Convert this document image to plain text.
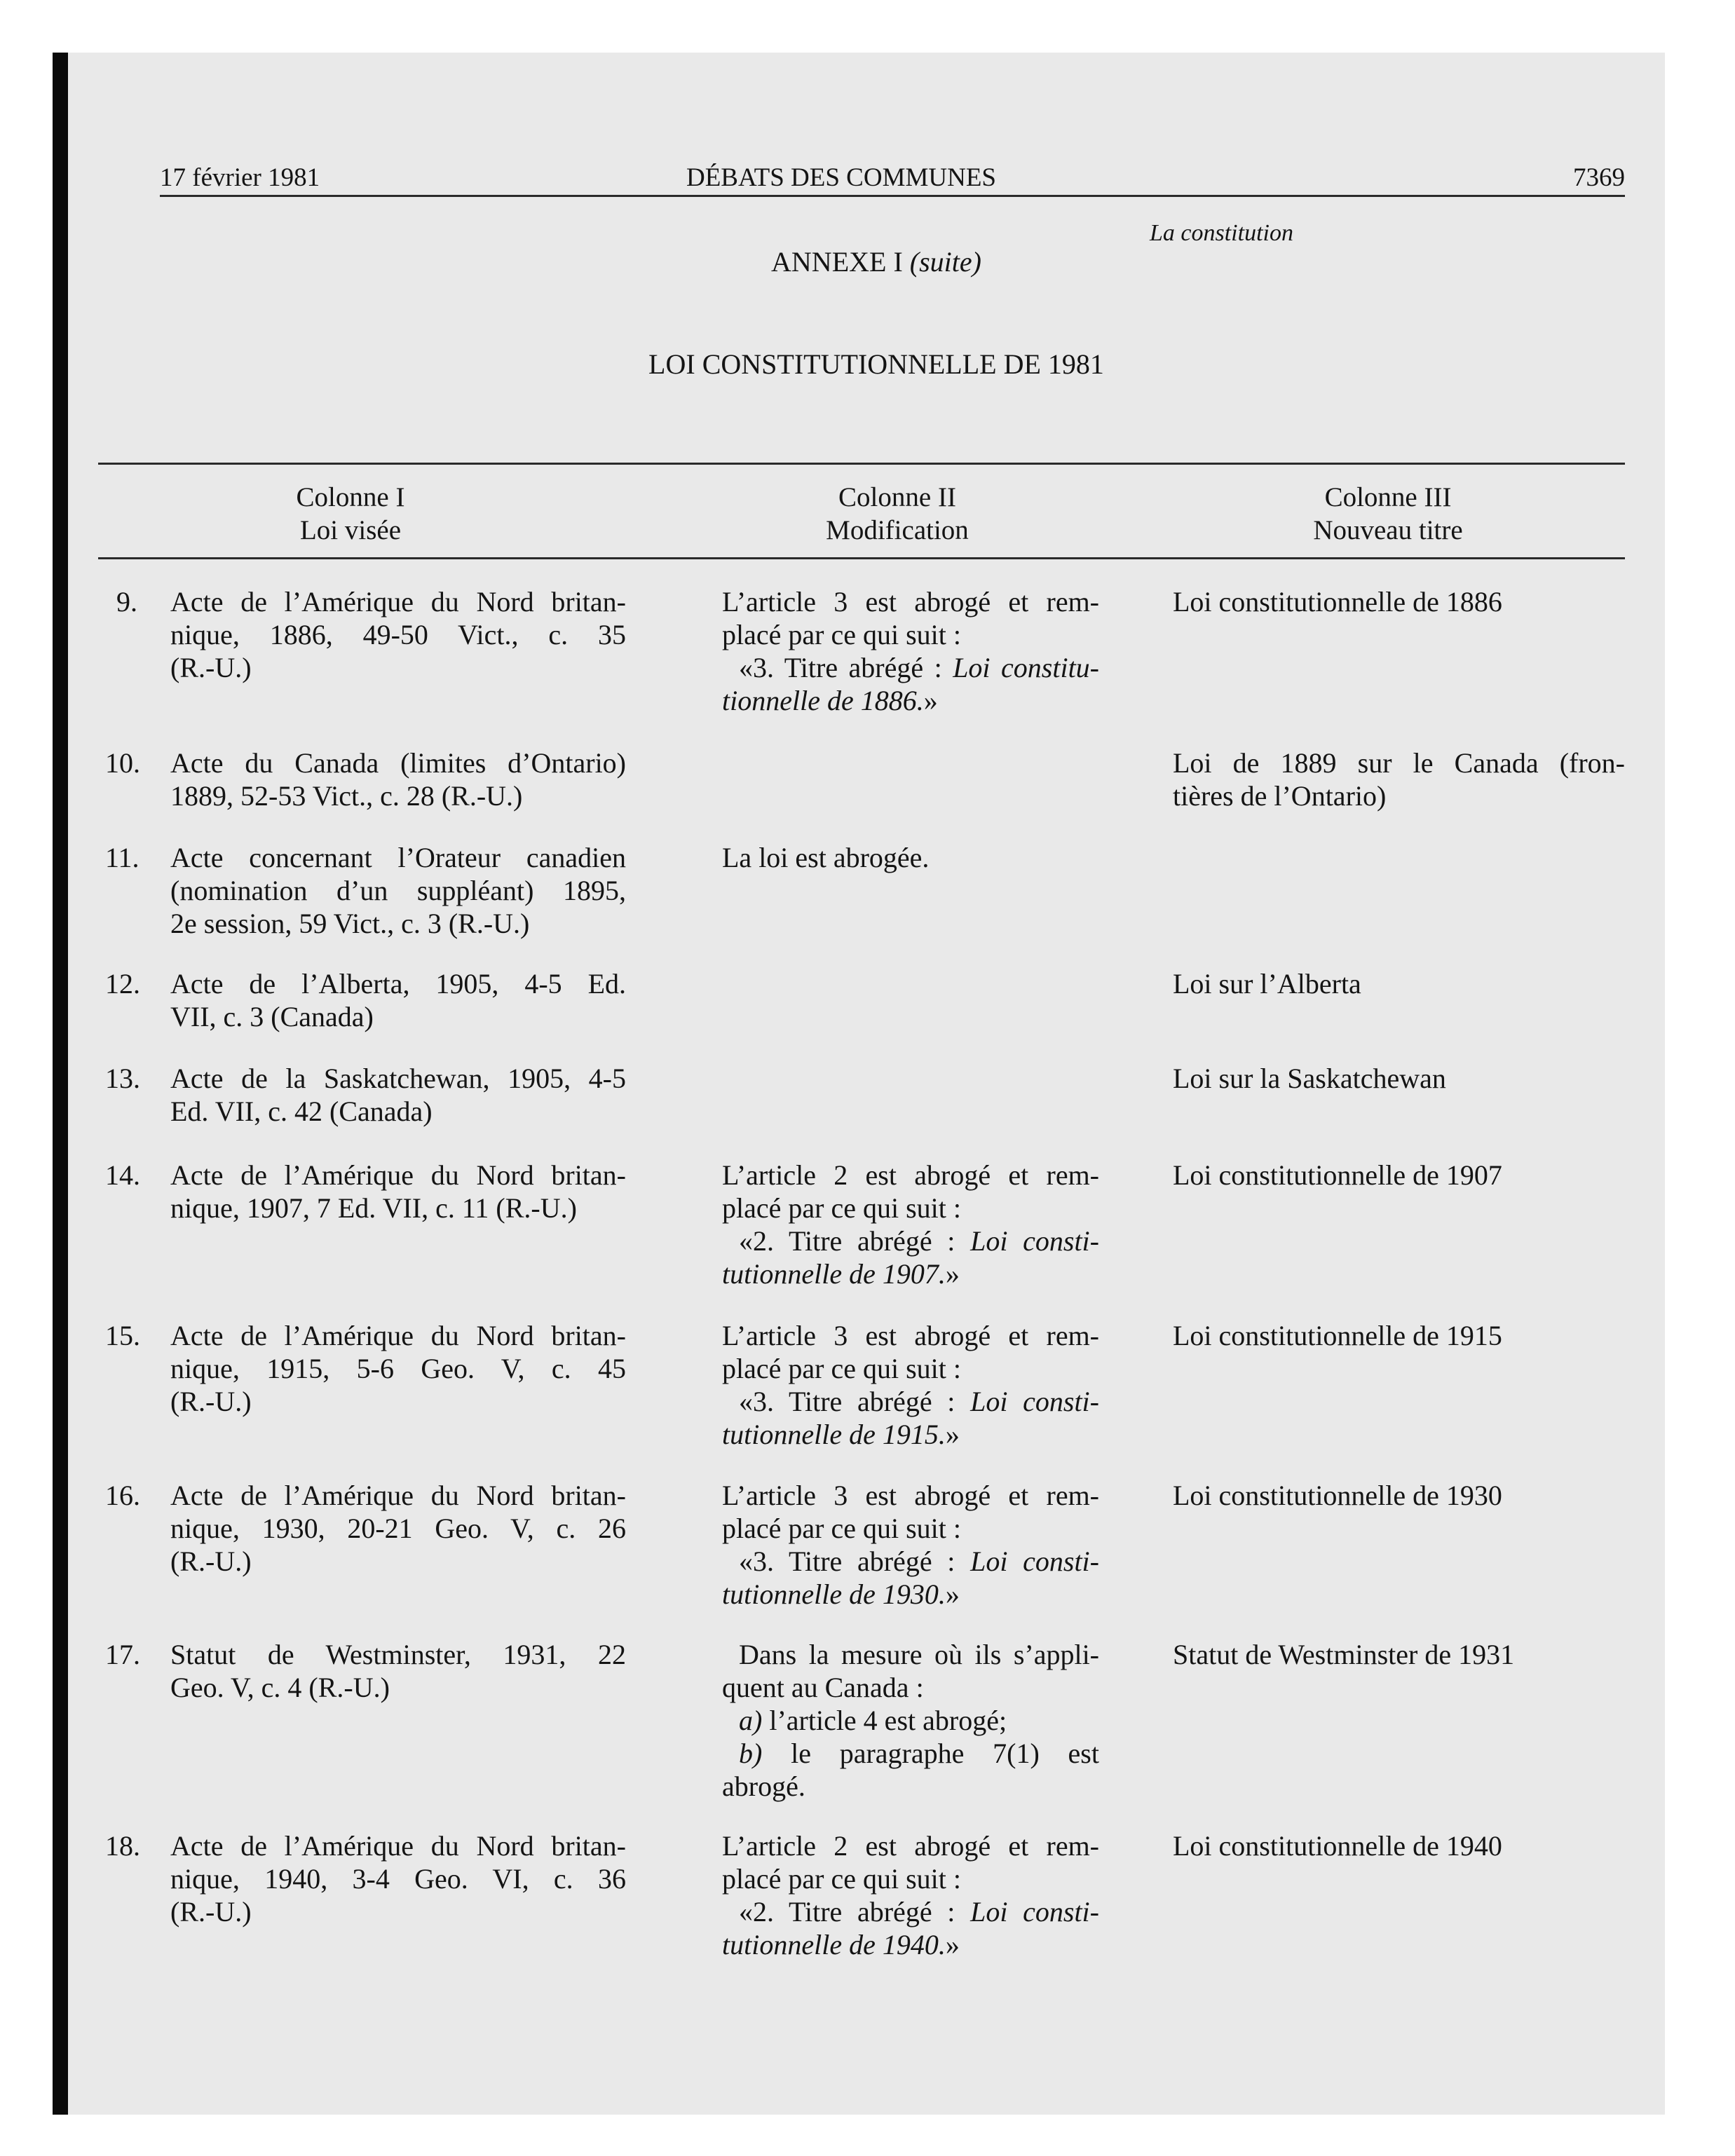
17 février 1981	DÉBATS DES COMMUNES	7369
La constitution
ANNEXE I (suite)
LOI CONSTITUTIONNELLE DE 1981
Colonne I
Loi visée
Colonne II
Modification
Colonne III
Nouveau titre
9. Acte de l’Amérique du Nord britan-
nique, 1886, 49-50 Vict., c. 35
(R.-U.)
L’article 3 est abrogé et rem-
placé par ce qui suit :
«3. Titre abrégé : Loi constitu-
tionnelle de 1886.»
Loi constitutionnelle de 1886
10. Acte du Canada (limites d’Ontario)
1889, 52-53 Vict., c. 28 (R.-U.)
Loi de 1889 sur le Canada (fron-
tières de l’Ontario)
11. Acte concernant l’Orateur canadien
(nomination d’un suppléant) 1895,
2e session, 59 Vict., c. 3 (R.-U.)
La loi est abrogée.
12. Acte de l’Alberta, 1905, 4-5 Ed.
VII, c. 3 (Canada)
Loi sur l’Alberta
13. Acte de la Saskatchewan, 1905, 4-5
Ed. VII, c. 42 (Canada)
Loi sur la Saskatchewan
14. Acte de l’Amérique du Nord britan-
nique, 1907, 7 Ed. VII, c. 11 (R.-U.)
L’article 2 est abrogé et rem-
placé par ce qui suit :
«2. Titre abrégé : Loi consti-
tutionnelle de 1907.»
Loi constitutionnelle de 1907
15. Acte de l’Amérique du Nord britan-
nique, 1915, 5-6 Geo. V, c. 45
(R.-U.)
L’article 3 est abrogé et rem-
placé par ce qui suit :
«3. Titre abrégé : Loi consti-
tutionnelle de 1915.»
Loi constitutionnelle de 1915
16. Acte de l’Amérique du Nord britan-
nique, 1930, 20-21 Geo. V, c. 26
(R.-U.)
L’article 3 est abrogé et rem-
placé par ce qui suit :
«3. Titre abrégé : Loi consti-
tutionnelle de 1930.»
Loi constitutionnelle de 1930
17. Statut de Westminster, 1931, 22
Geo. V, c. 4 (R.-U.)
Dans la mesure où ils s’appli-
quent au Canada :
a) l’article 4 est abrogé;
b) le paragraphe 7(1) est
abrogé.
Statut de Westminster de 1931
18. Acte de l’Amérique du Nord britan-
nique, 1940, 3-4 Geo. VI, c. 36
(R.-U.)
L’article 2 est abrogé et rem-
placé par ce qui suit :
«2. Titre abrégé : Loi consti-
tutionnelle de 1940.»
Loi constitutionnelle de 1940
